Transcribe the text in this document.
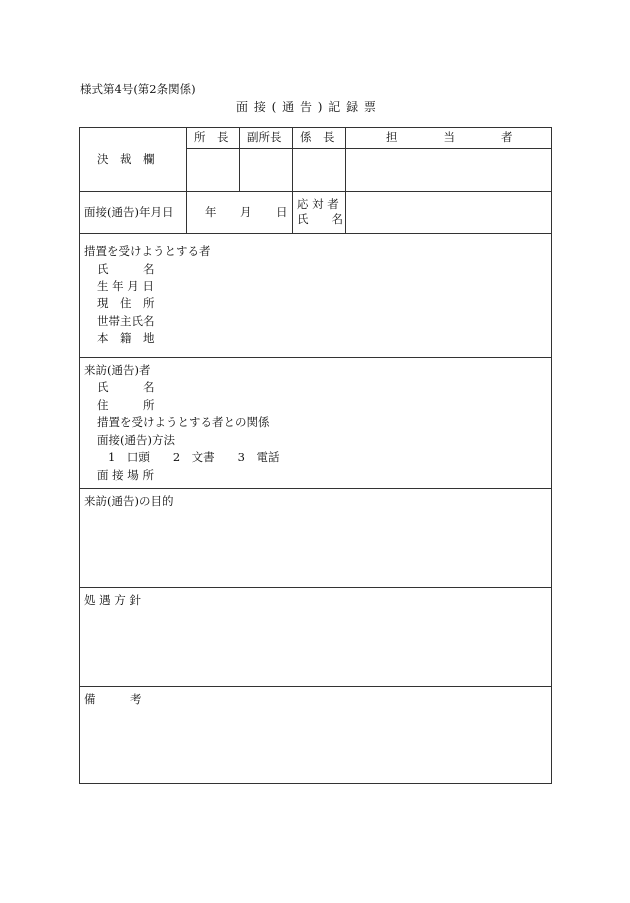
様式第4号(第2条関係)
面 接 ( 通 告 ) 記 録 票
決　裁　欄
所　長 副所長 係　長	担　　　　当　　　　者
面接(通告)年月日	年 月 日
応 対 者
氏　　名
措置を受けようとする者
氏　　　名
生 年 月 日
現　住　所
世帯主氏名
本　籍　地
来訪(通告)者
氏　　　名
住　　　所
措置を受けようとする者との関係
面接(通告)方法
1　口頭　　2　文書　　3　電話
面 接 場 所
来訪(通告)の目的
処 遇 方 針
備　　　考
